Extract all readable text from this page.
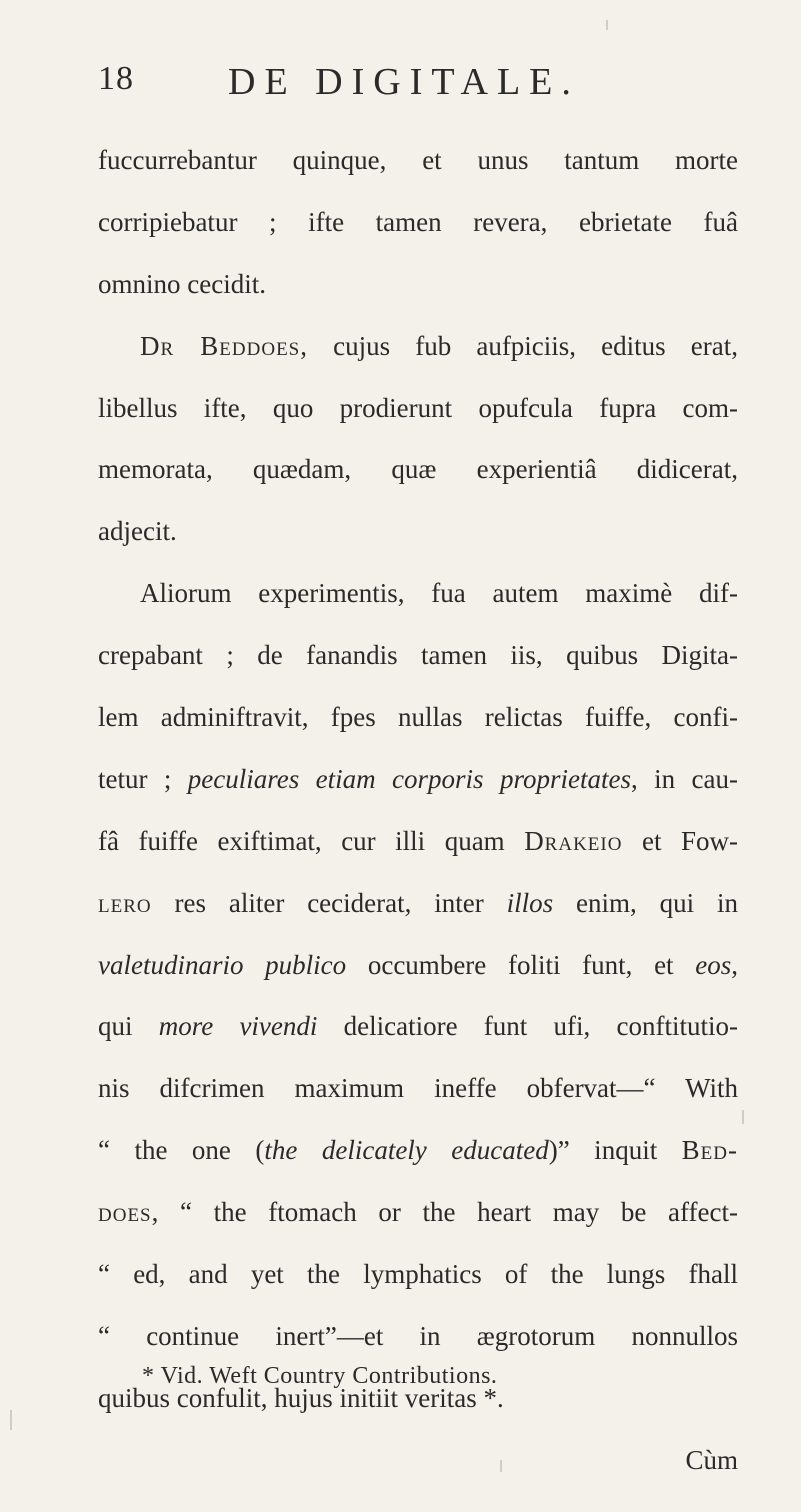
18 DE DIGITALE.
fuccurrebantur quinque, et unus tantum morte
corripiebatur ; ifte tamen revera, ebrietate fuâ
omnino cecidit.
Dr Beddoes, cujus fub aufpiciis, editus erat,
libellus ifte, quo prodierunt opufcula fupra com-
memorata, quædam, quæ experientiâ didicerat,
adjecit.
Aliorum experimentis, fua autem maximè dif-
crepabant ; de fanandis tamen iis, quibus Digita-
lem adminiftravit, fpes nullas relictas fuiffe, confi-
tetur ; peculiares etiam corporis proprietates, in cau-
fâ fuiffe exiftimat, cur illi quam Drakeio et Fow-
lero res aliter ceciderat, inter illos enim, qui in
valetudinario publico occumbere foliti funt, et eos,
qui more vivendi delicatiore funt ufi, conftitutio-
nis difcrimen maximum ineffe obfervat—“ With
“ the one (the delicately educated)” inquit Bed-
does, “ the ftomach or the heart may be affect-
“ ed, and yet the lymphatics of the lungs fhall
“ continue inert”—et in ægrotorum nonnullos
quibus confulit, hujus initiit veritas *.
Cùm
* Vid. Weft Country Contributions.
